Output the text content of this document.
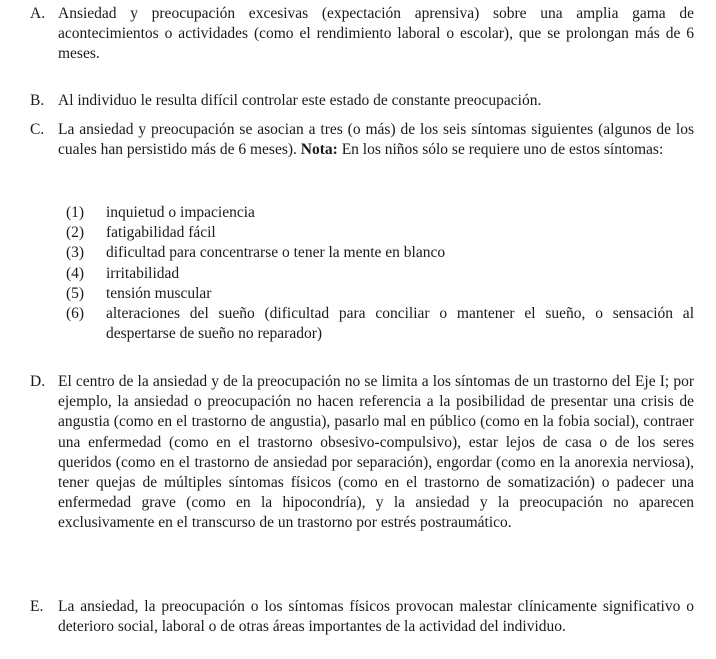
A. Ansiedad y preocupación excesivas (expectación aprensiva) sobre una amplia gama de acontecimientos o actividades (como el rendimiento laboral o escolar), que se prolongan más de 6 meses.

B. Al individuo le resulta difícil controlar este estado de constante preocupación.

C. La ansiedad y preocupación se asocian a tres (o más) de los seis síntomas siguientes (algunos de los cuales han persistido más de 6 meses). Nota: En los niños sólo se requiere uno de estos síntomas:

(1) inquietud o impaciencia
(2) fatigabilidad fácil
(3) dificultad para concentrarse o tener la mente en blanco
(4) irritabilidad
(5) tensión muscular
(6) alteraciones del sueño (dificultad para conciliar o mantener el sueño, o sensación al despertarse de sueño no reparador)
D. El centro de la ansiedad y de la preocupación no se limita a los síntomas de un trastorno del Eje I; por ejemplo, la ansiedad o preocupación no hacen referencia a la posibilidad de presentar una crisis de angustia (como en el trastorno de angustia), pasarlo mal en público (como en la fobia social), contraer una enfermedad (como en el trastorno obsesivo-compulsivo), estar lejos de casa o de los seres queridos (como en el trastorno de ansiedad por separación), engordar (como en la anorexia nerviosa), tener quejas de múltiples síntomas físicos (como en el trastorno de somatización) o padecer una enfermedad grave (como en la hipocondría), y la ansiedad y la preocupación no aparecen exclusivamente en el transcurso de un trastorno por estrés postraumático.

E. La ansiedad, la preocupación o los síntomas físicos provocan malestar clínicamente significativo o deterioro social, laboral o de otras áreas importantes de la actividad del individuo.
